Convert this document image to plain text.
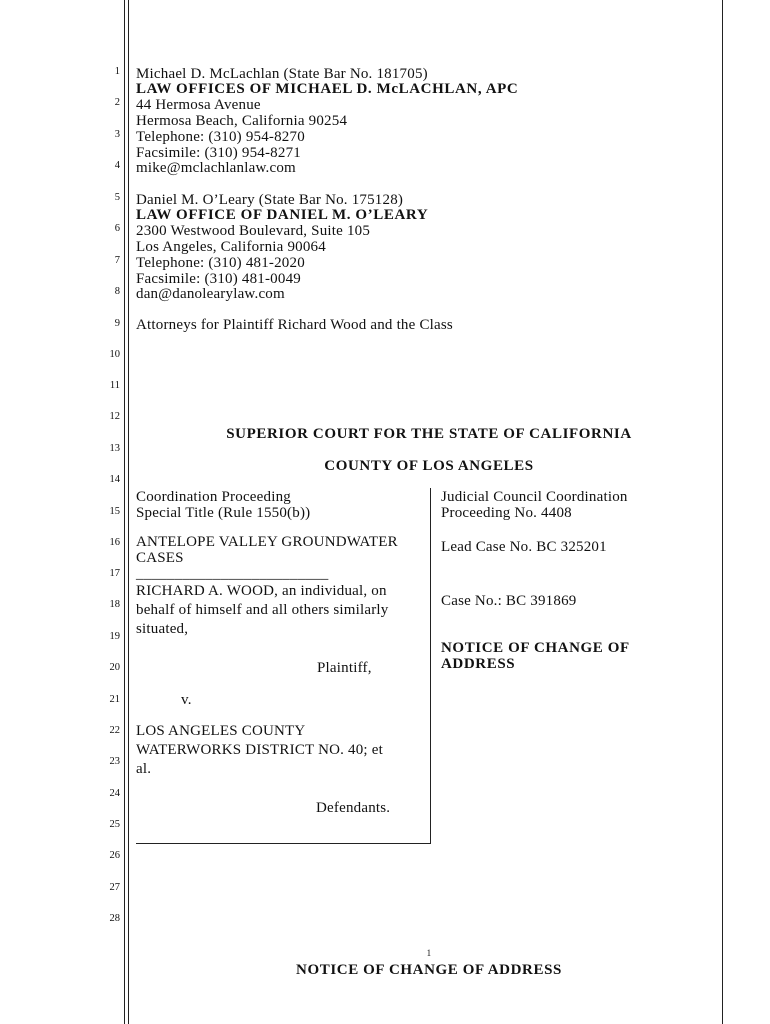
1
2
3
4
5
6
7
8
9
10
11
12
13
14
15
16
17
18
19
20
21
22
23
24
25
26
27
28
Michael D. McLachlan (State Bar No. 181705)
LAW OFFICES OF MICHAEL D. McLACHLAN, APC
44 Hermosa Avenue
Hermosa Beach, California 90254
Telephone: (310) 954-8270
Facsimile: (310) 954-8271
mike@mclachlanlaw.com
Daniel M. O’Leary (State Bar No. 175128)
LAW OFFICE OF DANIEL M. O’LEARY
2300 Westwood Boulevard, Suite 105
Los Angeles, California 90064
Telephone: (310) 481-2020
Facsimile: (310) 481-0049
dan@danolearylaw.com
Attorneys for Plaintiff Richard Wood and the Class
SUPERIOR COURT FOR THE STATE OF CALIFORNIA
COUNTY OF LOS ANGELES
Coordination Proceeding
Special Title (Rule 1550(b))
ANTELOPE VALLEY GROUNDWATER
CASES
_________________________
RICHARD A. WOOD, an individual, on
behalf of himself and all others similarly
situated,
Plaintiff,
v.
LOS ANGELES COUNTY
WATERWORKS DISTRICT NO. 40; et
al.
Defendants.
Judicial Council Coordination
Proceeding No. 4408
Lead Case No. BC 325201
Case No.: BC 391869
NOTICE OF CHANGE OF
ADDRESS
1
NOTICE OF CHANGE OF ADDRESS
